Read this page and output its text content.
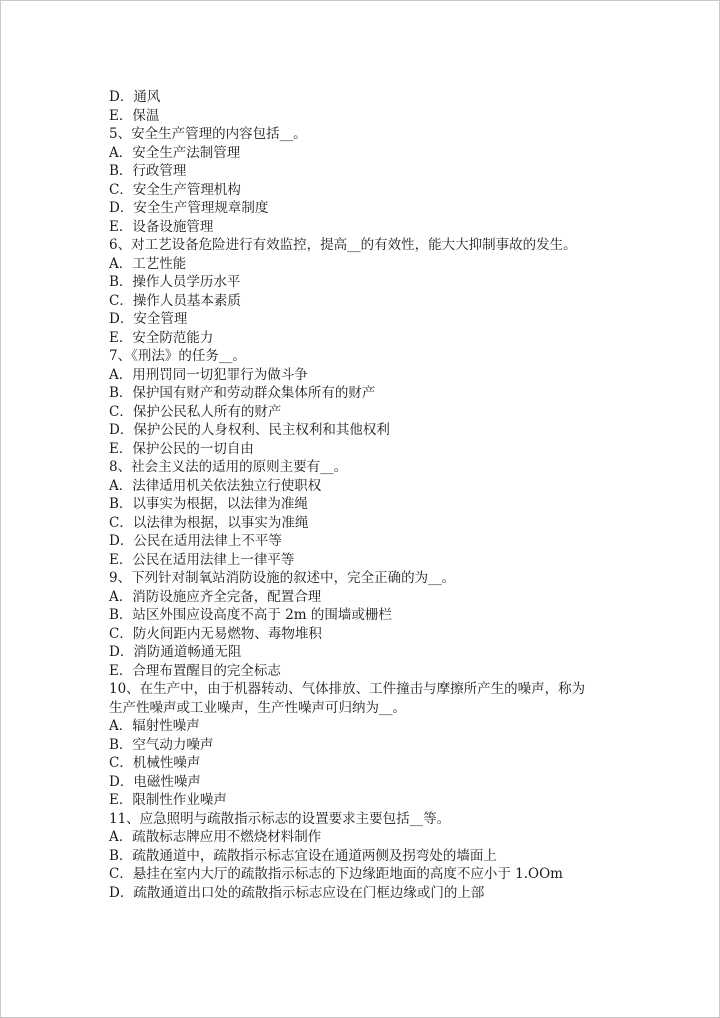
D．通风
E．保温
5、安全生产管理的内容包括__。
A．安全生产法制管理
B．行政管理
C．安全生产管理机构
D．安全生产管理规章制度
E．设备设施管理
6、对工艺设备危险进行有效监控，提高__的有效性，能大大抑制事故的发生。
A．工艺性能
B．操作人员学历水平
C．操作人员基本素质
D．安全管理
E．安全防范能力
7、《刑法》的任务__。
A．用刑罚同一切犯罪行为做斗争
B．保护国有财产和劳动群众集体所有的财产
C．保护公民私人所有的财产
D．保护公民的人身权利、民主权利和其他权利
E．保护公民的一切自由
8、社会主义法的适用的原则主要有__。
A．法律适用机关依法独立行使职权
B．以事实为根据，以法律为准绳
C．以法律为根据，以事实为准绳
D．公民在适用法律上不平等
E．公民在适用法律上一律平等
9、下列针对制氧站消防设施的叙述中，完全正确的为__。
A．消防设施应齐全完备，配置合理
B．站区外围应设高度不高于 2m 的围墙或栅栏
C．防火间距内无易燃物、毒物堆积
D．消防通道畅通无阻
E．合理布置醒目的完全标志
10、在生产中，由于机器转动、气体排放、工件撞击与摩擦所产生的噪声，称为
生产性噪声或工业噪声，生产性噪声可归纳为__。
A．辐射性噪声
B．空气动力噪声
C．机械性噪声
D．电磁性噪声
E．限制性作业噪声
11、应急照明与疏散指示标志的设置要求主要包括__等。
A．疏散标志牌应用不燃烧材料制作
B．疏散通道中，疏散指示标志宜设在通道两侧及拐弯处的墙面上
C．悬挂在室内大厅的疏散指示标志的下边缘距地面的高度不应小于 1.OOm
D．疏散通道出口处的疏散指示标志应设在门框边缘或门的上部
